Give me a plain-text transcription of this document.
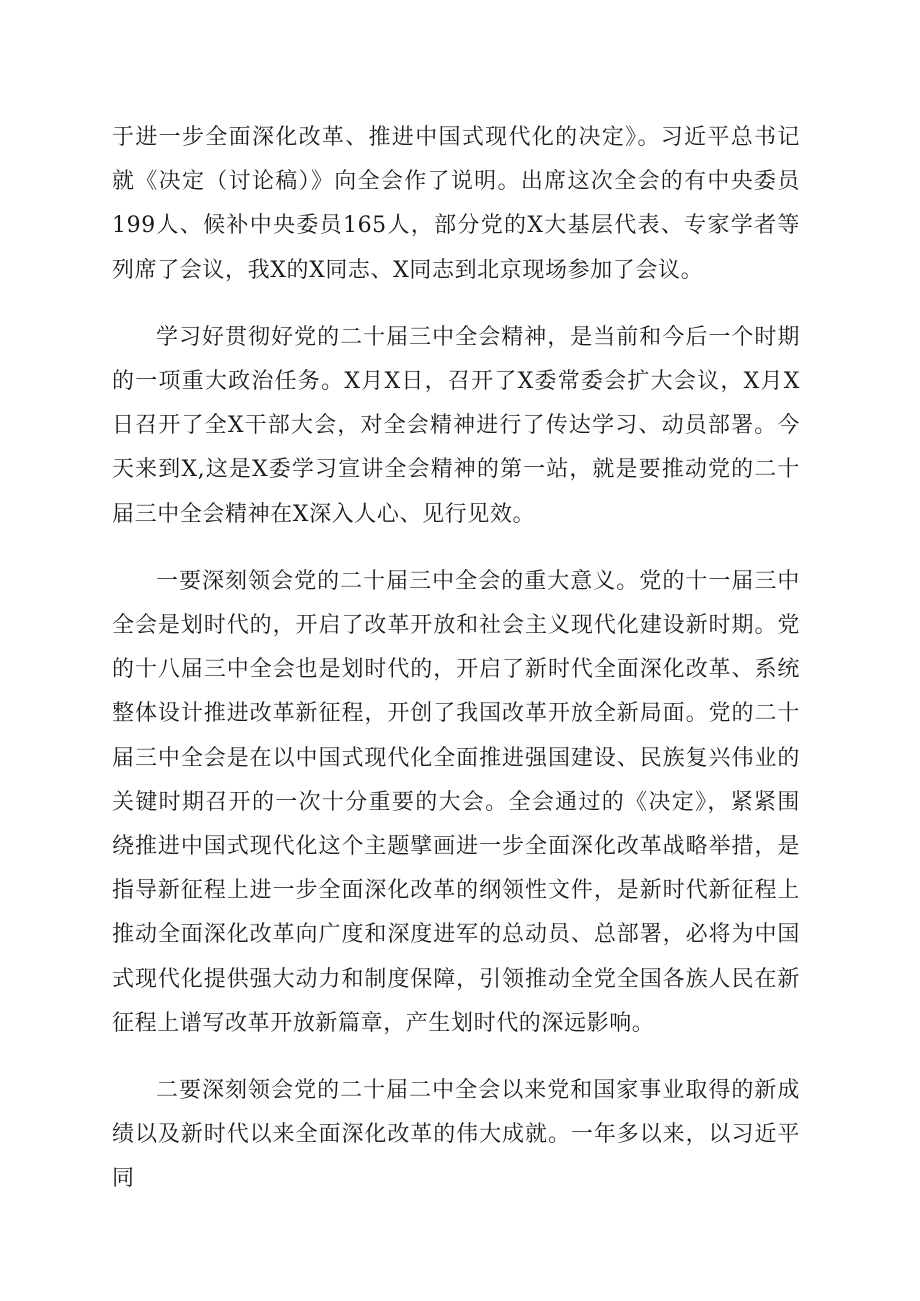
于进一步全面深化改革、推进中国式现代化的决定》。习近平总书记就《决定（讨论稿）》向全会作了说明。出席这次全会的有中央委员199人、候补中央委员165人，部分党的X大基层代表、专家学者等列席了会议，我X的X同志、X同志到北京现场参加了会议。

学习好贯彻好党的二十届三中全会精神，是当前和今后一个时期的一项重大政治任务。X月X日，召开了X委常委会扩大会议，X月X日召开了全X干部大会，对全会精神进行了传达学习、动员部署。今天来到X,这是X委学习宣讲全会精神的第一站，就是要推动党的二十届三中全会精神在X深入人心、见行见效。

一要深刻领会党的二十届三中全会的重大意义。党的十一届三中全会是划时代的，开启了改革开放和社会主义现代化建设新时期。党的十八届三中全会也是划时代的，开启了新时代全面深化改革、系统整体设计推进改革新征程，开创了我国改革开放全新局面。党的二十届三中全会是在以中国式现代化全面推进强国建设、民族复兴伟业的关键时期召开的一次十分重要的大会。全会通过的《决定》，紧紧围绕推进中国式现代化这个主题擘画进一步全面深化改革战略举措，是指导新征程上进一步全面深化改革的纲领性文件，是新时代新征程上推动全面深化改革向广度和深度进军的总动员、总部署，必将为中国式现代化提供强大动力和制度保障，引领推动全党全国各族人民在新征程上谱写改革开放新篇章，产生划时代的深远影响。

二要深刻领会党的二十届二中全会以来党和国家事业取得的新成绩以及新时代以来全面深化改革的伟大成就。一年多以来，以习近平同
